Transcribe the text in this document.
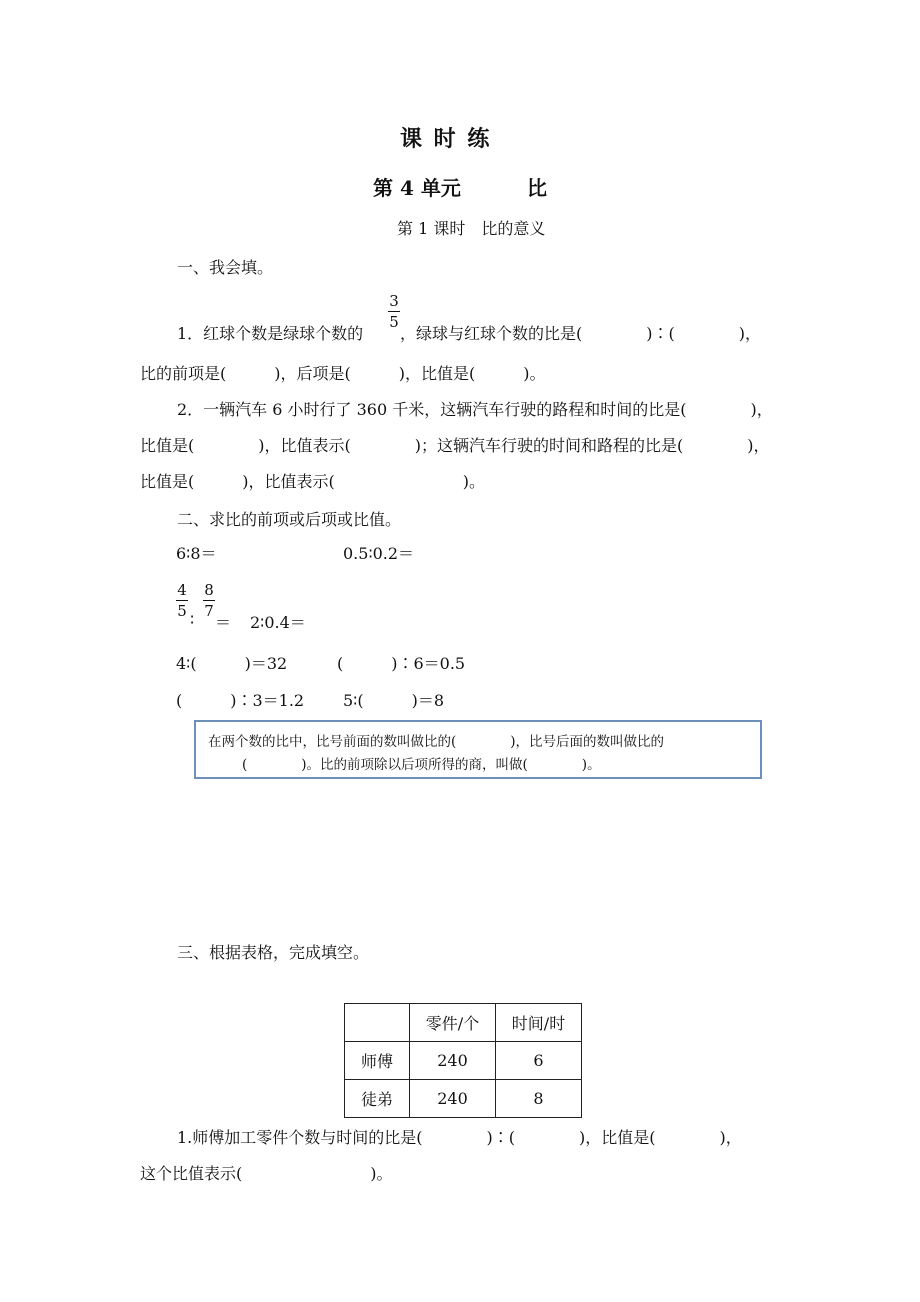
课 时 练
第 4 单元	比
第 1 课时　比的意义
一、我会填。
1．红球个数是绿球个数的
3
5
，绿球与红球个数的比是(　　　　)∶(　　　　)，
比的前项是(　　　)，后项是(　　　)，比值是(　　　)。
2．一辆汽车 6 小时行了 360 千米，这辆汽车行驶的路程和时间的比是(　　　　)，
比值是(　　　　)，比值表示(　　　　)；这辆汽车行驶的时间和路程的比是(　　　　)，
比值是(　　　)，比值表示(　　　　　　　　)。
二、求比的前项或后项或比值。
6∶8＝	0.5∶0.2＝
4
5 ∶
8
7
＝ 2∶0.4＝
4∶(　　　)＝32	(　　　)∶6＝0.5
(　　　)∶3＝1.2 5∶(　　　)＝8
在两个数的比中，比号前面的数叫做比的(　　　　)，比号后面的数叫做比的
(　　　　)。比的前项除以后项所得的商，叫做(　　　　)。
三、根据表格，完成填空。
	零件/个	时间/时
师傅	240	6
徒弟	240	8
1.师傅加工零件个数与时间的比是(　　　　)∶(　　　　)，比值是(　　　　)，
这个比值表示(　　　　　　　　)。
